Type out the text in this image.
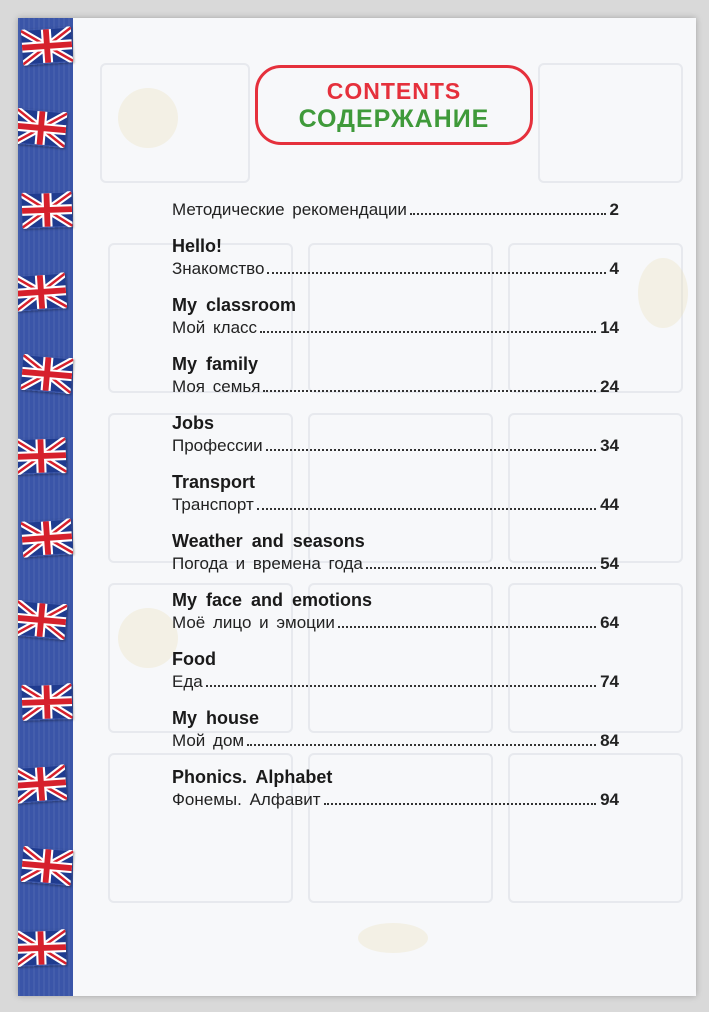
CONTENTS
СОДЕРЖАНИЕ
Методические рекомендации	2
Hello!
Знакомство	4
My classroom
Мой класс	14
My family
Моя семья	24
Jobs
Профессии	34
Transport
Транспорт	44
Weather and seasons
Погода и времена года	54
My face and emotions
Моё лицо и эмоции	64
Food
Еда	74
My house
Мой дом	84
Phonics. Alphabet
Фонемы. Алфавит	94
